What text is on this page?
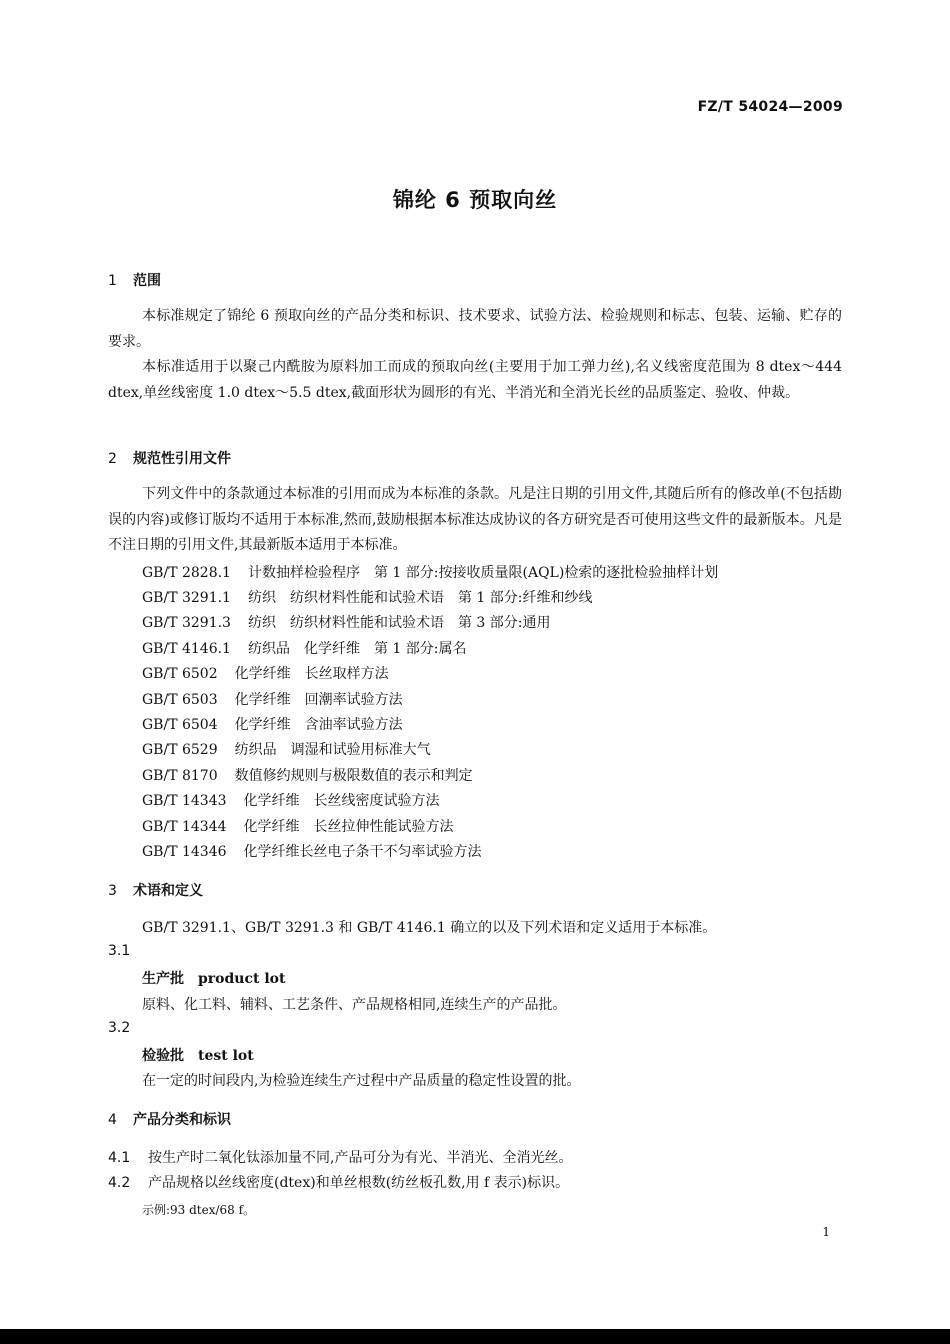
FZ/T 54024—2009
锦纶 6 预取向丝
1 范围

本标准规定了锦纶 6 预取向丝的产品分类和标识、技术要求、试验方法、检验规则和标志、包装、运输、贮存的要求。

本标准适用于以聚己内酰胺为原料加工而成的预取向丝(主要用于加工弹力丝),名义线密度范围为 8 dtex～444 dtex,单丝线密度 1.0 dtex～5.5 dtex,截面形状为圆形的有光、半消光和全消光长丝的品质鉴定、验收、仲裁。

2 规范性引用文件

下列文件中的条款通过本标准的引用而成为本标准的条款。凡是注日期的引用文件,其随后所有的修改单(不包括勘误的内容)或修订版均不适用于本标准,然而,鼓励根据本标准达成协议的各方研究是否可使用这些文件的最新版本。凡是不注日期的引用文件,其最新版本适用于本标准。

GB/T 2828.1 计数抽样检验程序　第 1 部分:按接收质量限(AQL)检索的逐批检验抽样计划
GB/T 3291.1 纺织　纺织材料性能和试验术语　第 1 部分:纤维和纱线
GB/T 3291.3 纺织　纺织材料性能和试验术语　第 3 部分:通用
GB/T 4146.1 纺织品　化学纤维　第 1 部分:属名
GB/T 6502 化学纤维　长丝取样方法
GB/T 6503 化学纤维　回潮率试验方法
GB/T 6504 化学纤维　含油率试验方法
GB/T 6529 纺织品　调湿和试验用标准大气
GB/T 8170 数值修约规则与极限数值的表示和判定
GB/T 14343 化学纤维　长丝线密度试验方法
GB/T 14344 化学纤维　长丝拉伸性能试验方法
GB/T 14346 化学纤维长丝电子条干不匀率试验方法
3 术语和定义
GB/T 3291.1、GB/T 3291.3 和 GB/T 4146.1 确立的以及下列术语和定义适用于本标准。
3.1
生产批 product lot
原料、化工料、辅料、工艺条件、产品规格相同,连续生产的产品批。
3.2
检验批 test lot
在一定的时间段内,为检验连续生产过程中产品质量的稳定性设置的批。
4 产品分类和标识
4.1 按生产时二氧化钛添加量不同,产品可分为有光、半消光、全消光丝。
4.2 产品规格以丝线密度(dtex)和单丝根数(纺丝板孔数,用 f 表示)标识。
示例:93 dtex/68 f。
1
